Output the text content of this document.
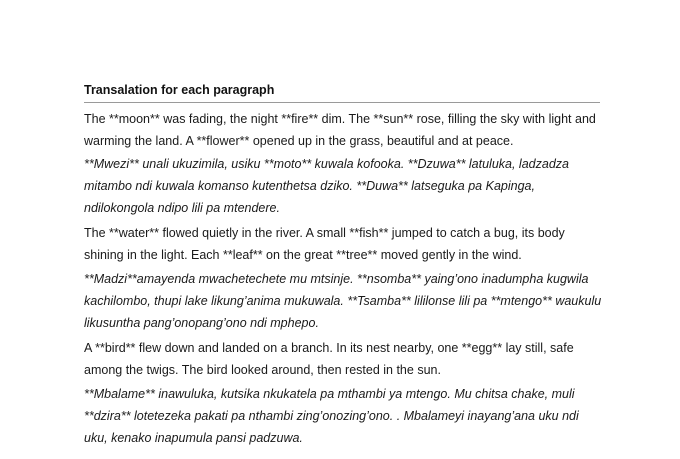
Transalation for each paragraph

The **moon** was fading, the night **fire** dim. The **sun** rose, filling the sky with light and warming the land. A **flower** opened up in the grass, beautiful and at peace.

**Mwezi** unali ukuzimila, usiku **moto** kuwala kofooka. **Dzuwa** latuluka, ladzadza mitambo ndi kuwala komanso kutenthetsa dziko. **Duwa** latseguka pa Kapinga, ndilokongola ndipo lili pa mtendere.

The **water** flowed quietly in the river. A small **fish** jumped to catch a bug, its body shining in the light. Each **leaf** on the great **tree** moved gently in the wind.

**Madzi**amayenda mwachetechete mu mtsinje. **nsomba** yaing’ono inadumpha kugwila kachilombo, thupi lake likung’anima mukuwala. **Tsamba** lililonse lili pa **mtengo** waukulu likusuntha pang’onopang’ono ndi mphepo.

A **bird** flew down and landed on a branch. In its nest nearby, one **egg** lay still, safe among the twigs. The bird looked around, then rested in the sun.

**Mbalame** inawuluka, kutsika nkukatela pa mthambi ya mtengo. Mu chitsa chake, muli **dzira** lotetezeka pakati pa nthambi zing’onozing’ono. . Mbalameyi inayang’ana uku ndi uku, kenako inapumula pansi padzuwa.
